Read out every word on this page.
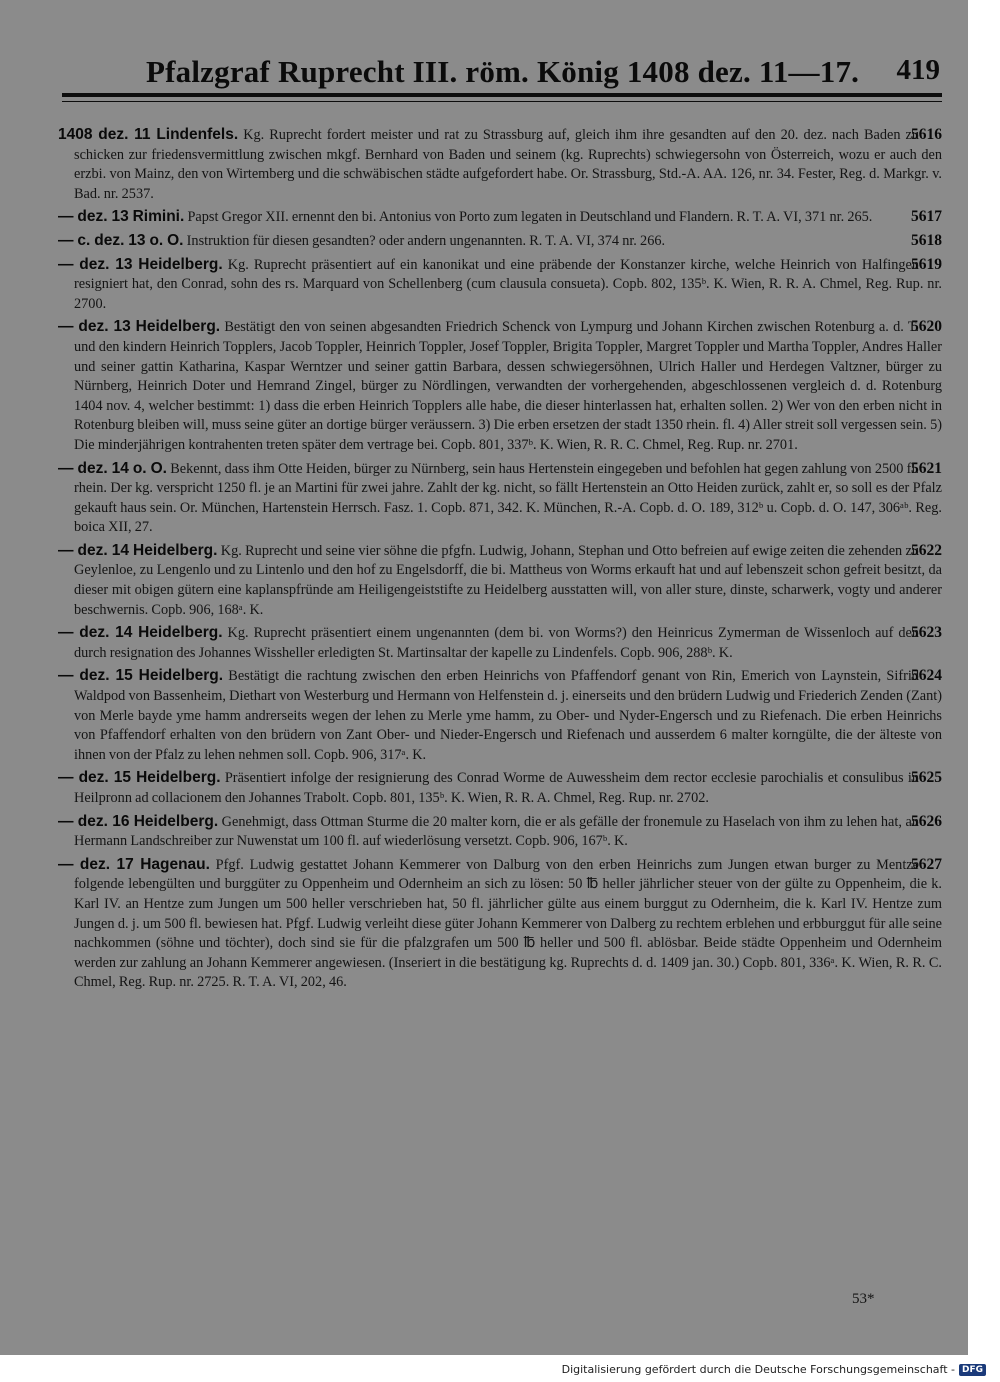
Pfalzgraf Ruprecht III. röm. König 1408 dez. 11—17. 419
5616
1408 dez. 11 Lindenfels. Kg. Ruprecht fordert meister und rat zu Strassburg auf, gleich ihm ihre gesandten auf den 20. dez. nach Baden zu schicken zur friedensvermittlung zwischen mkgf. Bernhard von Baden und seinem (kg. Ruprechts) schwiegersohn von Österreich, wozu er auch den erzbi. von Mainz, den von Wirtemberg und die schwäbischen städte aufgefordert habe. Or. Strassburg, Std.-A. AA. 126, nr. 34. Fester, Reg. d. Markgr. v. Bad. nr. 2537.
5617
— dez. 13 Rimini. Papst Gregor XII. ernennt den bi. Antonius von Porto zum legaten in Deutschland und Flandern. R. T. A. VI, 371 nr. 265.
5618
— c. dez. 13 o. O. Instruktion für diesen gesandten? oder andern ungenannten. R. T. A. VI, 374 nr. 266.
5619
— dez. 13 Heidelberg. Kg. Ruprecht präsentiert auf ein kanonikat und eine präbende der Konstanzer kirche, welche Heinrich von Halfingen resigniert hat, den Conrad, sohn des rs. Marquard von Schellenberg (cum clausula consueta). Copb. 802, 135ᵇ. K. Wien, R. R. A. Chmel, Reg. Rup. nr. 2700.
5620
— dez. 13 Heidelberg. Bestätigt den von seinen abgesandten Friedrich Schenck von Lympurg und Johann Kirchen zwischen Rotenburg a. d. T. und den kindern Heinrich Topplers, Jacob Toppler, Heinrich Toppler, Josef Toppler, Brigita Toppler, Margret Toppler und Martha Toppler, Andres Haller und seiner gattin Katharina, Kaspar Werntzer und seiner gattin Barbara, dessen schwiegersöhnen, Ulrich Haller und Herdegen Valtzner, bürger zu Nürnberg, Heinrich Doter und Hemrand Zingel, bürger zu Nördlingen, verwandten der vorhergehenden, abgeschlossenen vergleich d. d. Rotenburg 1404 nov. 4, welcher bestimmt: 1) dass die erben Heinrich Topplers alle habe, die dieser hinterlassen hat, erhalten sollen. 2) Wer von den erben nicht in Rotenburg bleiben will, muss seine güter an dortige bürger veräussern. 3) Die erben ersetzen der stadt 1350 rhein. fl. 4) Aller streit soll vergessen sein. 5) Die minderjährigen kontrahenten treten später dem vertrage bei. Copb. 801, 337ᵇ. K. Wien, R. R. C. Chmel, Reg. Rup. nr. 2701.
5621
— dez. 14 o. O. Bekennt, dass ihm Otte Heiden, bürger zu Nürnberg, sein haus Hertenstein eingegeben und befohlen hat gegen zahlung von 2500 fl. rhein. Der kg. verspricht 1250 fl. je an Martini für zwei jahre. Zahlt der kg. nicht, so fällt Hertenstein an Otto Heiden zurück, zahlt er, so soll es der Pfalz gekauft haus sein. Or. München, Hartenstein Herrsch. Fasz. 1. Copb. 871, 342. K. München, R.-A. Copb. d. O. 189, 312ᵇ u. Copb. d. O. 147, 306ᵃᵇ. Reg. boica XII, 27.
5622
— dez. 14 Heidelberg. Kg. Ruprecht und seine vier söhne die pfgfn. Ludwig, Johann, Stephan und Otto befreien auf ewige zeiten die zehenden zu Geylenloe, zu Lengenlo und zu Lintenlo und den hof zu Engelsdorff, die bi. Mattheus von Worms erkauft hat und auf lebenszeit schon gefreit besitzt, da dieser mit obigen gütern eine kaplanspfründe am Heiligengeiststifte zu Heidelberg ausstatten will, von aller sture, dinste, scharwerk, vogty und anderer beschwernis. Copb. 906, 168ᵃ. K.
5623
— dez. 14 Heidelberg. Kg. Ruprecht präsentiert einem ungenannten (dem bi. von Worms?) den Heinricus Zymerman de Wissenloch auf den durch resignation des Johannes Wissheller erledigten St. Martinsaltar der kapelle zu Lindenfels. Copb. 906, 288ᵇ. K.
5624
— dez. 15 Heidelberg. Bestätigt die rachtung zwischen den erben Heinrichs von Pfaffendorf genant von Rin, Emerich von Laynstein, Sifrid Waldpod von Bassenheim, Diethart von Westerburg und Hermann von Helfenstein d. j. einerseits und den brüdern Ludwig und Friederich Zenden (Zant) von Merle bayde yme hamm andrerseits wegen der lehen zu Merle yme hamm, zu Ober- und Nyder-Engersch und zu Riefenach. Die erben Heinrichs von Pfaffendorf erhalten von den brüdern von Zant Ober- und Nieder-Engersch und Riefenach und ausserdem 6 malter korngülte, die der älteste von ihnen von der Pfalz zu lehen nehmen soll. Copb. 906, 317ᵃ. K.
5625
— dez. 15 Heidelberg. Präsentiert infolge der resignierung des Conrad Worme de Auwessheim dem rector ecclesie parochialis et consulibus in Heilpronn ad collacionem den Johannes Trabolt. Copb. 801, 135ᵇ. K. Wien, R. R. A. Chmel, Reg. Rup. nr. 2702.
5626
— dez. 16 Heidelberg. Genehmigt, dass Ottman Sturme die 20 malter korn, die er als gefälle der fronemule zu Haselach von ihm zu lehen hat, an Hermann Landschreiber zur Nuwenstat um 100 fl. auf wiederlösung versetzt. Copb. 906, 167ᵇ. K.
5627
— dez. 17 Hagenau. Pfgf. Ludwig gestattet Johann Kemmerer von Dalburg von den erben Heinrichs zum Jungen etwan burger zu Mentze folgende lebengülten und burggüter zu Oppenheim und Odernheim an sich zu lösen: 50 ℔ heller jährlicher steuer von der gülte zu Oppenheim, die k. Karl IV. an Hentze zum Jungen um 500 heller verschrieben hat, 50 fl. jährlicher gülte aus einem burggut zu Odernheim, die k. Karl IV. Hentze zum Jungen d. j. um 500 fl. bewiesen hat. Pfgf. Ludwig verleiht diese güter Johann Kemmerer von Dalberg zu rechtem erblehen und erbburggut für alle seine nachkommen (söhne und töchter), doch sind sie für die pfalzgrafen um 500 ℔ heller und 500 fl. ablösbar. Beide städte Oppenheim und Odernheim werden zur zahlung an Johann Kemmerer angewiesen. (Inseriert in die bestätigung kg. Ruprechts d. d. 1409 jan. 30.) Copb. 801, 336ᵃ. K. Wien, R. R. C. Chmel, Reg. Rup. nr. 2725. R. T. A. VI, 202, 46.
53*
Digitalisierung gefördert durch die Deutsche Forschungsgemeinschaft - DFG
